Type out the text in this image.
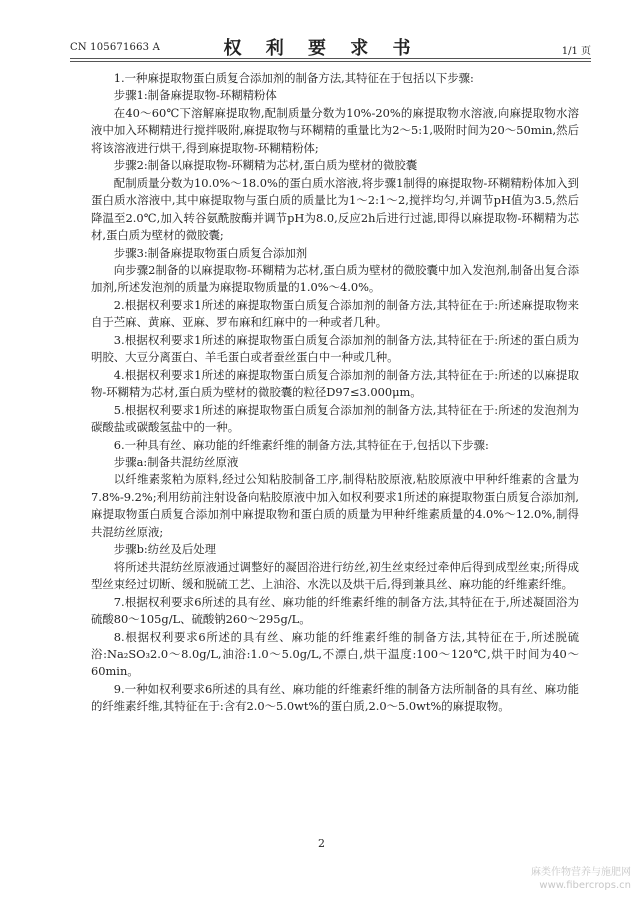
CN 105671663 A	权 利 要 求 书	1/1 页

1.一种麻提取物蛋白质复合添加剂的制备方法,其特征在于包括以下步骤:

步骤1:制备麻提取物-环糊精粉体

在40～60℃下溶解麻提取物,配制质量分数为10%-20%的麻提取物水溶液,向麻提取物水溶液中加入环糊精进行搅拌吸附,麻提取物与环糊精的重量比为2～5:1,吸附时间为20～50min,然后将该溶液进行烘干,得到麻提取物-环糊精粉体;

步骤2:制备以麻提取物-环糊精为芯材,蛋白质为壁材的微胶囊

配制质量分数为10.0%～18.0%的蛋白质水溶液,将步骤1制得的麻提取物-环糊精粉体加入到蛋白质水溶液中,其中麻提取物与蛋白质的质量比为1～2:1～2,搅拌均匀,并调节pH值为3.5,然后降温至2.0℃,加入转谷氨酰胺酶并调节pH为8.0,反应2h后进行过滤,即得以麻提取物-环糊精为芯材,蛋白质为壁材的微胶囊;

步骤3:制备麻提取物蛋白质复合添加剂

向步骤2制备的以麻提取物-环糊精为芯材,蛋白质为壁材的微胶囊中加入发泡剂,制备出复合添加剂,所述发泡剂的质量为麻提取物质量的1.0%～4.0%。

2.根据权利要求1所述的麻提取物蛋白质复合添加剂的制备方法,其特征在于:所述麻提取物来自于苎麻、黄麻、亚麻、罗布麻和红麻中的一种或者几种。

3.根据权利要求1所述的麻提取物蛋白质复合添加剂的制备方法,其特征在于:所述的蛋白质为明胶、大豆分离蛋白、羊毛蛋白或者蚕丝蛋白中一种或几种。

4.根据权利要求1所述的麻提取物蛋白质复合添加剂的制备方法,其特征在于:所述的以麻提取物-环糊精为芯材,蛋白质为壁材的微胶囊的粒径D97≤3.000μm。

5.根据权利要求1所述的麻提取物蛋白质复合添加剂的制备方法,其特征在于:所述的发泡剂为碳酸盐或碳酸氢盐中的一种。

6.一种具有丝、麻功能的纤维素纤维的制备方法,其特征在于,包括以下步骤:

步骤a:制备共混纺丝原液

以纤维素浆粕为原料,经过公知粘胶制备工序,制得粘胶原液,粘胶原液中甲种纤维素的含量为7.8%-9.2%;利用纺前注射设备向粘胶原液中加入如权利要求1所述的麻提取物蛋白质复合添加剂,麻提取物蛋白质复合添加剂中麻提取物和蛋白质的质量为甲种纤维素质量的4.0%～12.0%,制得共混纺丝原液;

步骤b:纺丝及后处理

将所述共混纺丝原液通过调整好的凝固浴进行纺丝,初生丝束经过牵伸后得到成型丝束;所得成型丝束经过切断、缓和脱硫工艺、上油浴、水洗以及烘干后,得到兼具丝、麻功能的纤维素纤维。

7.根据权利要求6所述的具有丝、麻功能的纤维素纤维的制备方法,其特征在于,所述凝固浴为硫酸80～105g/L、硫酸钠260～295g/L。

8.根据权利要求6所述的具有丝、麻功能的纤维素纤维的制备方法,其特征在于,所述脱硫浴:Na₂SO₃2.0～8.0g/L,油浴:1.0～5.0g/L,不漂白,烘干温度:100～120℃,烘干时间为40～60min。

9.一种如权利要求6所述的具有丝、麻功能的纤维素纤维的制备方法所制备的具有丝、麻功能的纤维素纤维,其特征在于:含有2.0～5.0wt%的蛋白质,2.0～5.0wt%的麻提取物。

2
麻类作物营养与施肥网
www.fibercrops.cn
